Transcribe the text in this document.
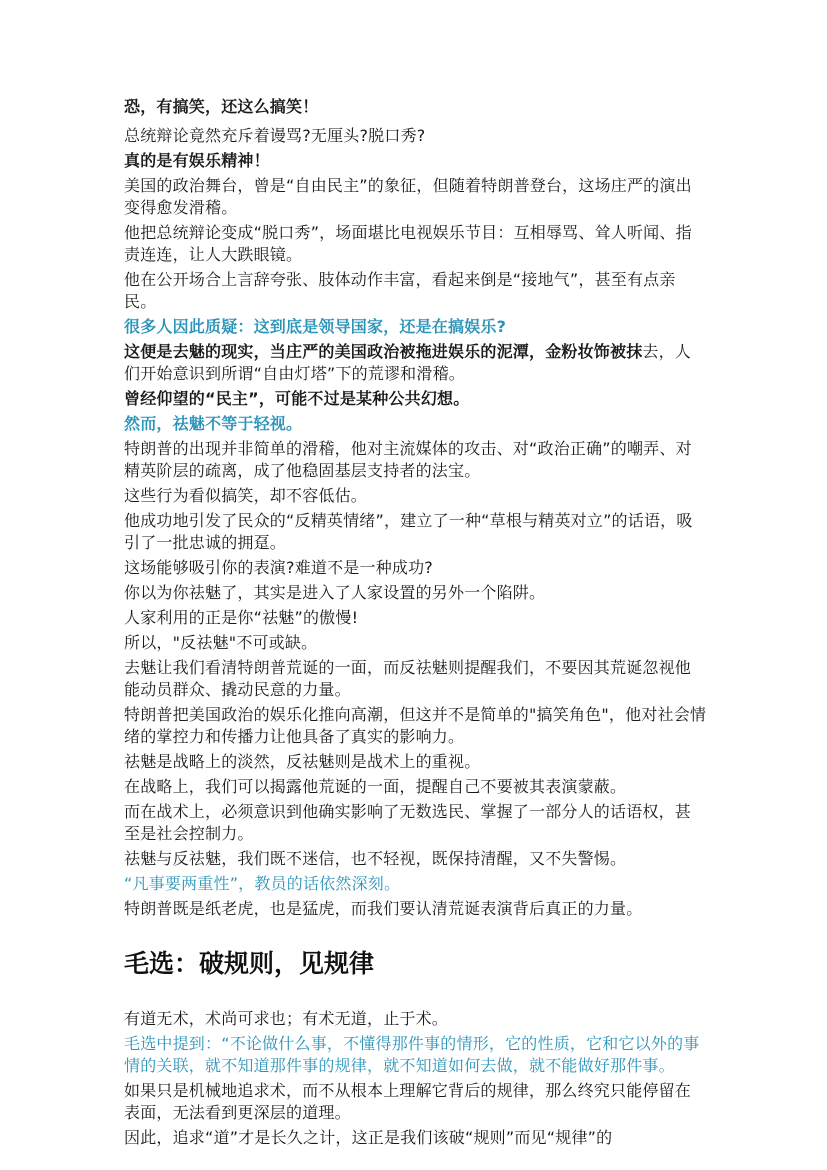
恐，有搞笑，还这么搞笑！

总统辩论竟然充斥着谩骂?无厘头?脱口秀?

真的是有娱乐精神！

美国的政治舞台，曾是“自由民主”的象征，但随着特朗普登台，这场庄严的演出变得愈发滑稽。

他把总统辩论变成“脱口秀”，场面堪比电视娱乐节目：互相辱骂、耸人听闻、指责连连，让人大跌眼镜。

他在公开场合上言辞夸张、肢体动作丰富，看起来倒是“接地气”，甚至有点亲民。

很多人因此质疑：这到底是领导国家，还是在搞娱乐?

这便是去魅的现实，当庄严的美国政治被拖进娱乐的泥潭，金粉妆饰被抹去，人们开始意识到所谓“自由灯塔”下的荒谬和滑稽。

曾经仰望的“民主”，可能不过是某种公共幻想。

然而，祛魅不等于轻视。

特朗普的出现并非简单的滑稽，他对主流媒体的攻击、对“政治正确”的嘲弄、对精英阶层的疏离，成了他稳固基层支持者的法宝。

这些行为看似搞笑，却不容低估。

他成功地引发了民众的“反精英情绪”，建立了一种“草根与精英对立”的话语，吸引了一批忠诚的拥趸。

这场能够吸引你的表演?难道不是一种成功?

你以为你祛魅了，其实是进入了人家设置的另外一个陷阱。

人家利用的正是你“祛魅”的傲慢!

所以，"反祛魅"不可或缺。

去魅让我们看清特朗普荒诞的一面，而反祛魅则提醒我们，不要因其荒诞忽视他能动员群众、撬动民意的力量。

特朗普把美国政治的娱乐化推向高潮，但这并不是简单的"搞笑角色"，他对社会情绪的掌控力和传播力让他具备了真实的影响力。

祛魅是战略上的淡然，反祛魅则是战术上的重视。

在战略上，我们可以揭露他荒诞的一面，提醒自己不要被其表演蒙蔽。

而在战术上，必须意识到他确实影响了无数选民、掌握了一部分人的话语权，甚至是社会控制力。

祛魅与反祛魅，我们既不迷信，也不轻视，既保持清醒，又不失警惕。

“凡事要两重性”，教员的话依然深刻。

特朗普既是纸老虎，也是猛虎，而我们要认清荒诞表演背后真正的力量。

毛选：破规则，见规律

有道无术，术尚可求也；有术无道，止于术。

毛选中提到：“不论做什么事，不懂得那件事的情形，它的性质，它和它以外的事情的关联，就不知道那件事的规律，就不知道如何去做，就不能做好那件事。

如果只是机械地追求术，而不从根本上理解它背后的规律，那么终究只能停留在表面，无法看到更深层的道理。

因此，追求“道”才是长久之计，这正是我们该破“规则”而见“规律”的
